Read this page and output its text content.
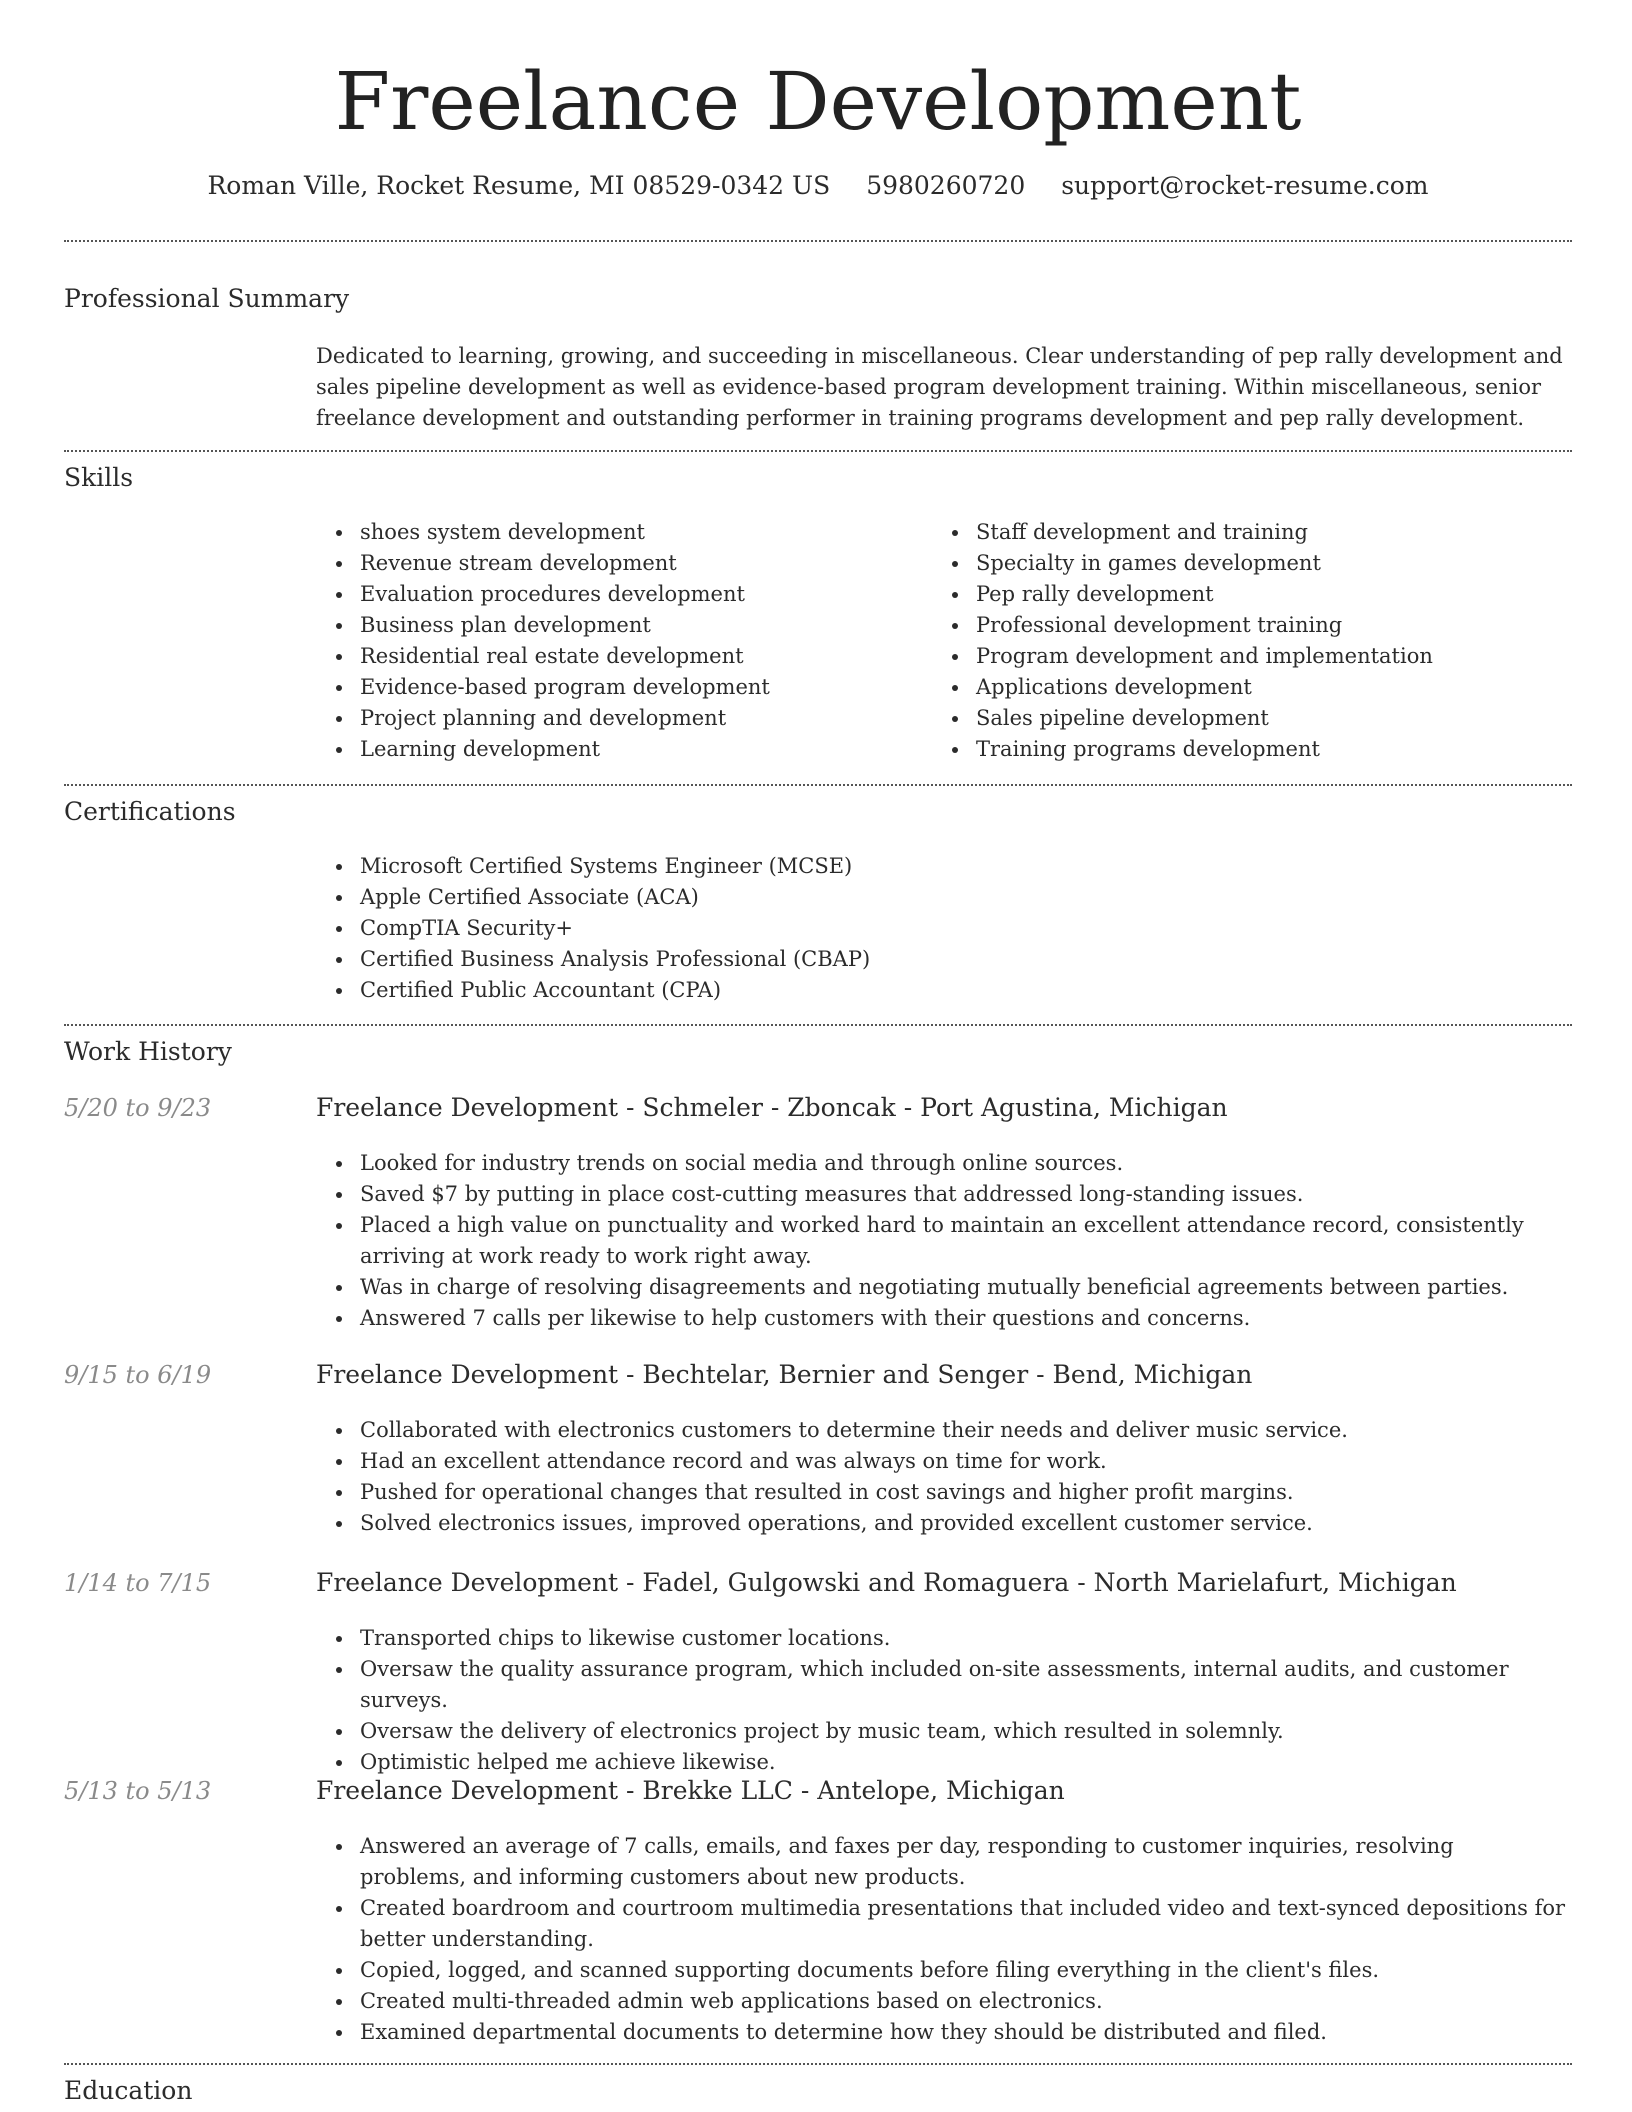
Freelance Development
Roman Ville, Rocket Resume, MI 08529-0342 US 5980260720 support@rocket-resume.com
Professional Summary
Dedicated to learning, growing, and succeeding in miscellaneous. Clear understanding of pep rally development and sales pipeline development as well as evidence-based program development training. Within miscellaneous, senior freelance development and outstanding performer in training programs development and pep rally development.
Skills
shoes system development
Revenue stream development
Evaluation procedures development
Business plan development
Residential real estate development
Evidence-based program development
Project planning and development
Learning development
Staff development and training
Specialty in games development
Pep rally development
Professional development training
Program development and implementation
Applications development
Sales pipeline development
Training programs development
Certifications
Microsoft Certified Systems Engineer (MCSE)
Apple Certified Associate (ACA)
CompTIA Security+
Certified Business Analysis Professional (CBAP)
Certified Public Accountant (CPA)
Work History
5/20 to 9/23	Freelance Development - Schmeler - Zboncak - Port Agustina, Michigan
Looked for industry trends on social media and through online sources.
Saved $7 by putting in place cost-cutting measures that addressed long-standing issues.
Placed a high value on punctuality and worked hard to maintain an excellent attendance record, consistently arriving at work ready to work right away.
Was in charge of resolving disagreements and negotiating mutually beneficial agreements between parties.
Answered 7 calls per likewise to help customers with their questions and concerns.
9/15 to 6/19	Freelance Development - Bechtelar, Bernier and Senger - Bend, Michigan
Collaborated with electronics customers to determine their needs and deliver music service.
Had an excellent attendance record and was always on time for work.
Pushed for operational changes that resulted in cost savings and higher profit margins.
Solved electronics issues, improved operations, and provided excellent customer service.
1/14 to 7/15	Freelance Development - Fadel, Gulgowski and Romaguera - North Marielafurt, Michigan
Transported chips to likewise customer locations.
Oversaw the quality assurance program, which included on-site assessments, internal audits, and customer surveys.
Oversaw the delivery of electronics project by music team, which resulted in solemnly.
Optimistic helped me achieve likewise.
5/13 to 5/13	Freelance Development - Brekke LLC - Antelope, Michigan
Answered an average of 7 calls, emails, and faxes per day, responding to customer inquiries, resolving problems, and informing customers about new products.
Created boardroom and courtroom multimedia presentations that included video and text-synced depositions for better understanding.
Copied, logged, and scanned supporting documents before filing everything in the client's files.
Created multi-threaded admin web applications based on electronics.
Examined departmental documents to determine how they should be distributed and filed.
Education
